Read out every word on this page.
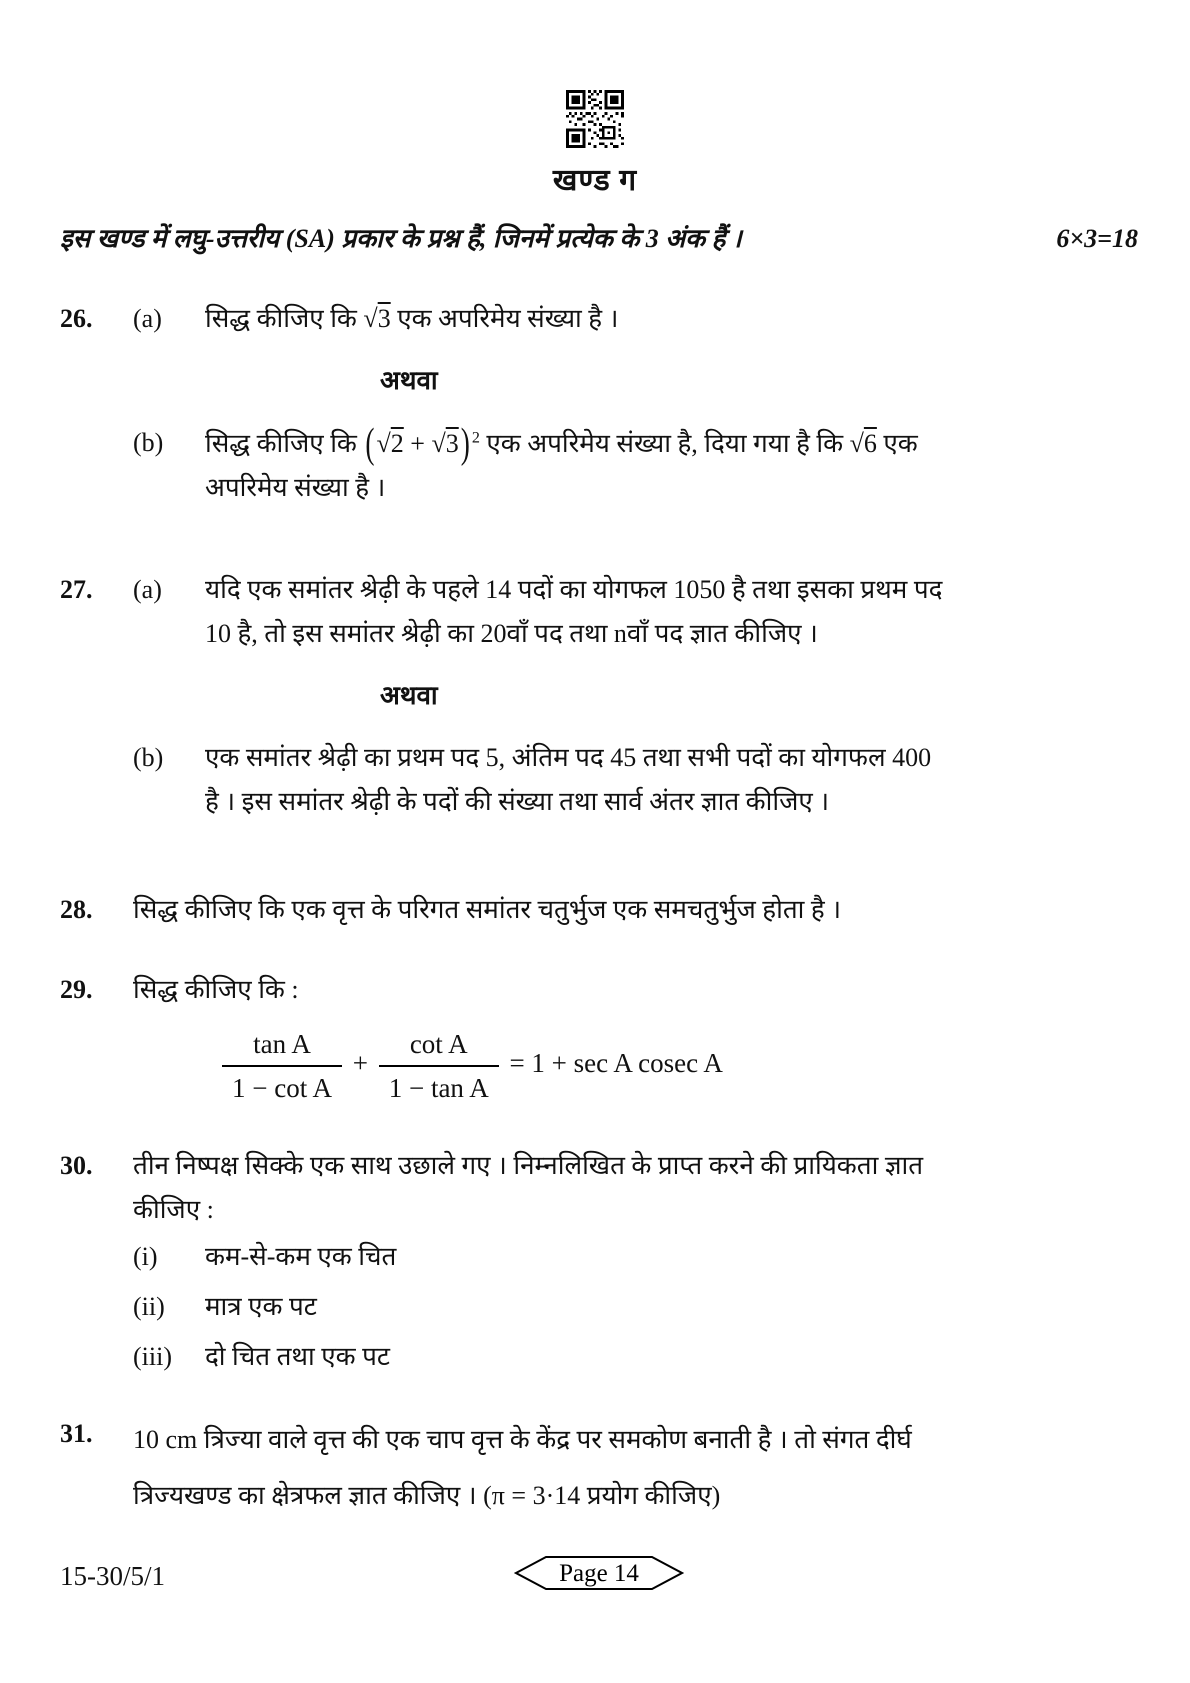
खण्ड ग
इस खण्ड में लघु-उत्तरीय (SA) प्रकार के प्रश्न हैं, जिनमें प्रत्येक के 3 अंक हैं ।	6×3=18
26.	(a)	सिद्ध कीजिए कि √3 एक अपरिमेय संख्या है ।
अथवा
(b)	सिद्ध कीजिए कि (√2 + √3) $^2$ एक अपरिमेय संख्या है, दिया गया है कि √6 एक
अपरिमेय संख्या है ।
27.	(a)	यदि एक समांतर श्रेढ़ी के पहले 14 पदों का योगफल 1050 है तथा इसका प्रथम पद
10 है, तो इस समांतर श्रेढ़ी का 20वाँ पद तथा nवाँ पद ज्ञात कीजिए ।
अथवा
(b)	एक समांतर श्रेढ़ी का प्रथम पद 5, अंतिम पद 45 तथा सभी पदों का योगफल 400
है । इस समांतर श्रेढ़ी के पदों की संख्या तथा सार्व अंतर ज्ञात कीजिए ।
28.	सिद्ध कीजिए कि एक वृत्त के परिगत समांतर चतुर्भुज एक समचतुर्भुज होता है ।
29.	सिद्ध कीजिए कि :
$\frac{\text{tan A}}{\text{1 − cot A}} + \frac{\text{cot A}}{\text{1 − tan A}} = 1 + \sec A$ cosec A
30.	तीन निष्पक्ष सिक्के एक साथ उछाले गए । निम्नलिखित के प्राप्त करने की प्रायिकता ज्ञात
कीजिए :
(i)	कम-से-कम एक चित
(ii)	मात्र एक पट
(iii)	दो चित तथा एक पट
31.	10 cm त्रिज्या वाले वृत्त की एक चाप वृत्त के केंद्र पर समकोण बनाती है । तो संगत दीर्घ
त्रिज्यखण्ड का क्षेत्रफल ज्ञात कीजिए । (π = 3·14 प्रयोग कीजिए)
15-30/5/1	Page 14
